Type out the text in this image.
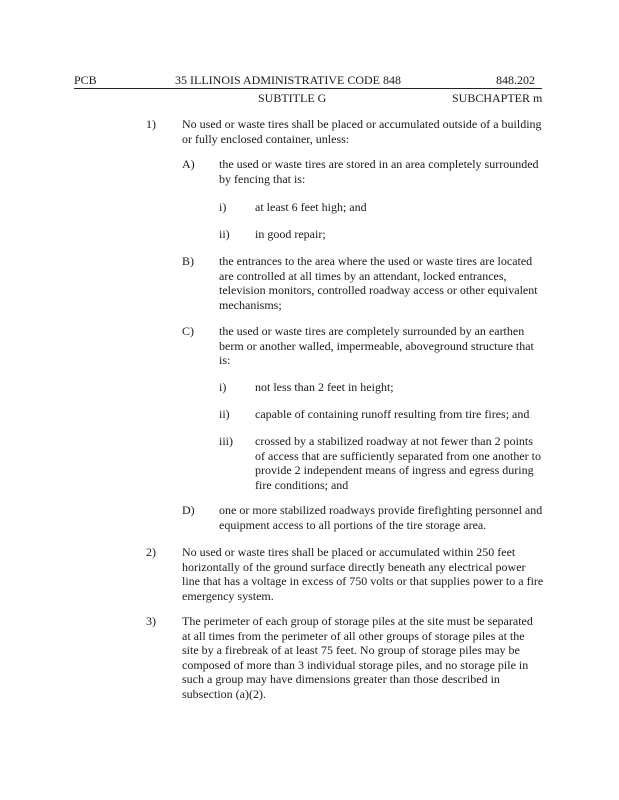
PCB	35 ILLINOIS ADMINISTRATIVE CODE 848	848.202
SUBTITLE G	SUBCHAPTER m
1) No used or waste tires shall be placed or accumulated outside of a building or fully enclosed container, unless:
A) the used or waste tires are stored in an area completely surrounded by fencing that is:
i) at least 6 feet high; and
ii) in good repair;
B) the entrances to the area where the used or waste tires are located are controlled at all times by an attendant, locked entrances, television monitors, controlled roadway access or other equivalent mechanisms;
C) the used or waste tires are completely surrounded by an earthen berm or another walled, impermeable, aboveground structure that is:
i) not less than 2 feet in height;
ii) capable of containing runoff resulting from tire fires; and
iii) crossed by a stabilized roadway at not fewer than 2 points of access that are sufficiently separated from one another to provide 2 independent means of ingress and egress during fire conditions; and
D) one or more stabilized roadways provide firefighting personnel and equipment access to all portions of the tire storage area.
2) No used or waste tires shall be placed or accumulated within 250 feet horizontally of the ground surface directly beneath any electrical power line that has a voltage in excess of 750 volts or that supplies power to a fire emergency system.
3) The perimeter of each group of storage piles at the site must be separated at all times from the perimeter of all other groups of storage piles at the site by a firebreak of at least 75 feet. No group of storage piles may be composed of more than 3 individual storage piles, and no storage pile in such a group may have dimensions greater than those described in subsection (a)(2).
